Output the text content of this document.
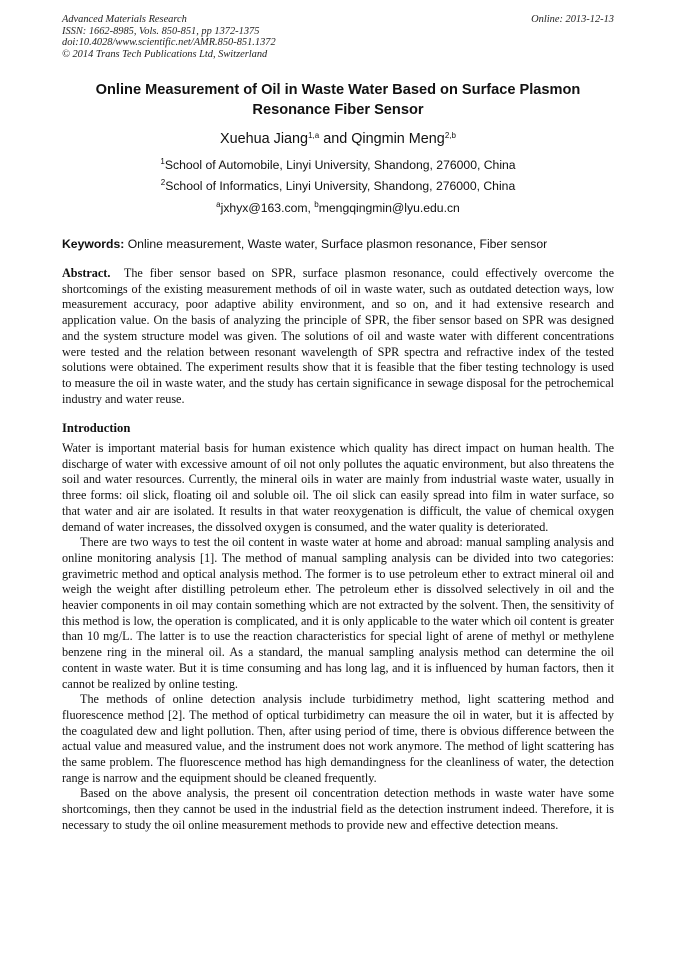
Advanced Materials Research
ISSN: 1662-8985, Vols. 850-851, pp 1372-1375
doi:10.4028/www.scientific.net/AMR.850-851.1372
© 2014 Trans Tech Publications Ltd, Switzerland
Online: 2013-12-13
Online Measurement of Oil in Waste Water Based on Surface Plasmon Resonance Fiber Sensor
Xuehua Jiang$^{1,a}$ and Qingmin Meng$^{2,b}$
$^1$School of Automobile, Linyi University, Shandong, 276000, China
$^2$School of Informatics, Linyi University, Shandong, 276000, China
$^a$jxhyx@163.com, $^b$mengqingmin@lyu.edu.cn
Keywords: Online measurement, Waste water, Surface plasmon resonance, Fiber sensor
Abstract. The fiber sensor based on SPR, surface plasmon resonance, could effectively overcome the shortcomings of the existing measurement methods of oil in waste water, such as outdated detection ways, low measurement accuracy, poor adaptive ability environment, and so on, and it had extensive research and application value. On the basis of analyzing the principle of SPR, the fiber sensor based on SPR was designed and the system structure model was given. The solutions of oil and waste water with different concentrations were tested and the relation between resonant wavelength of SPR spectra and refractive index of the tested solutions were obtained. The experiment results show that it is feasible that the fiber testing technology is used to measure the oil in waste water, and the study has certain significance in sewage disposal for the petrochemical industry and water reuse.
Introduction

Water is important material basis for human existence which quality has direct impact on human health. The discharge of water with excessive amount of oil not only pollutes the aquatic environment, but also threatens the soil and water resources. Currently, the mineral oils in water are mainly from industrial waste water, usually in three forms: oil slick, floating oil and soluble oil. The oil slick can easily spread into film in water surface, so that water and air are isolated. It results in that water reoxygenation is difficult, the value of chemical oxygen demand of water increases, the dissolved oxygen is consumed, and the water quality is deteriorated.

There are two ways to test the oil content in waste water at home and abroad: manual sampling analysis and online monitoring analysis [1]. The method of manual sampling analysis can be divided into two categories: gravimetric method and optical analysis method. The former is to use petroleum ether to extract mineral oil and weigh the weight after distilling petroleum ether. The petroleum ether is dissolved selectively in oil and the heavier components in oil may contain something which are not extracted by the solvent. Then, the sensitivity of this method is low, the operation is complicated, and it is only applicable to the water which oil content is greater than 10 mg/L. The latter is to use the reaction characteristics for special light of arene of methyl or methylene benzene ring in the mineral oil. As a standard, the manual sampling analysis method can determine the oil content in waste water. But it is time consuming and has long lag, and it is influenced by human factors, then it cannot be realized by online testing.

The methods of online detection analysis include turbidimetry method, light scattering method and fluorescence method [2]. The method of optical turbidimetry can measure the oil in water, but it is affected by the coagulated dew and light pollution. Then, after using period of time, there is obvious difference between the actual value and measured value, and the instrument does not work anymore. The method of light scattering has the same problem. The fluorescence method has high demandingness for the cleanliness of water, the detection range is narrow and the equipment should be cleaned frequently.

Based on the above analysis, the present oil concentration detection methods in waste water have some shortcomings, then they cannot be used in the industrial field as the detection instrument indeed. Therefore, it is necessary to study the oil online measurement methods to provide new and effective detection means.
